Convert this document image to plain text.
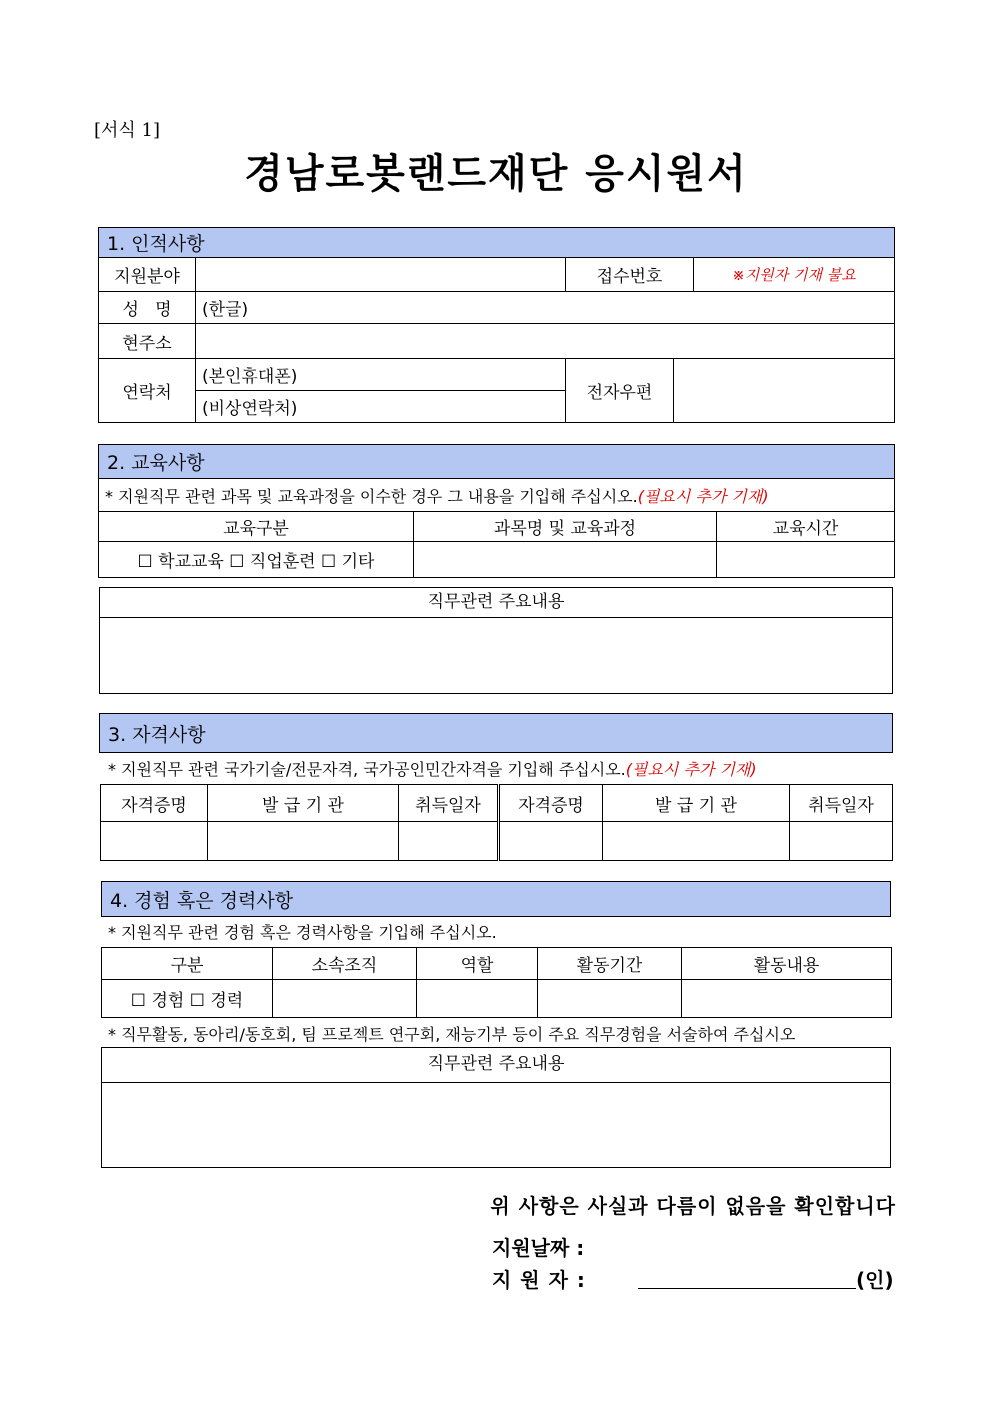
[서식 1]
경남로봇랜드재단 응시원서
1. 인적사항				
지원분야		접수번호		※지원자 기재 불요
성   명	(한글)			
현주소				
연락처	(본인휴대폰)	전자우편		
	(비상연락처)			
2. 교육사항		
* 지원직무 관련 과목 및 교육과정을 이수한 경우 그 내용을 기입해 주십시오.(필요시 추가 기재)		
교육구분	과목명 및 교육과정	교육시간
☐ 학교교육 ☐ 직업훈련 ☐ 기타		
직무관련 주요내용
3. 자격사항
* 지원직무 관련 국가기술/전문자격, 국가공인민간자격을 기입해 주십시오.(필요시 추가 기재)
자격증명	발 급 기 관	취득일자	자격증명	발 급 기 관	취득일자

4. 경험 혹은 경력사항
* 지원직무 관련 경험 혹은 경력사항을 기입해 주십시오.
구분	소속조직	역할	활동기간	활동내용
☐ 경험 ☐ 경력				
* 직무활동, 동아리/동호회, 팀 프로젝트 연구회, 재능기부 등이 주요 직무경험을 서술하여 주십시오
직무관련 주요내용
위 사항은 사실과 다름이 없음을 확인합니다
지원날짜 :
지 원 자 :	(인)
